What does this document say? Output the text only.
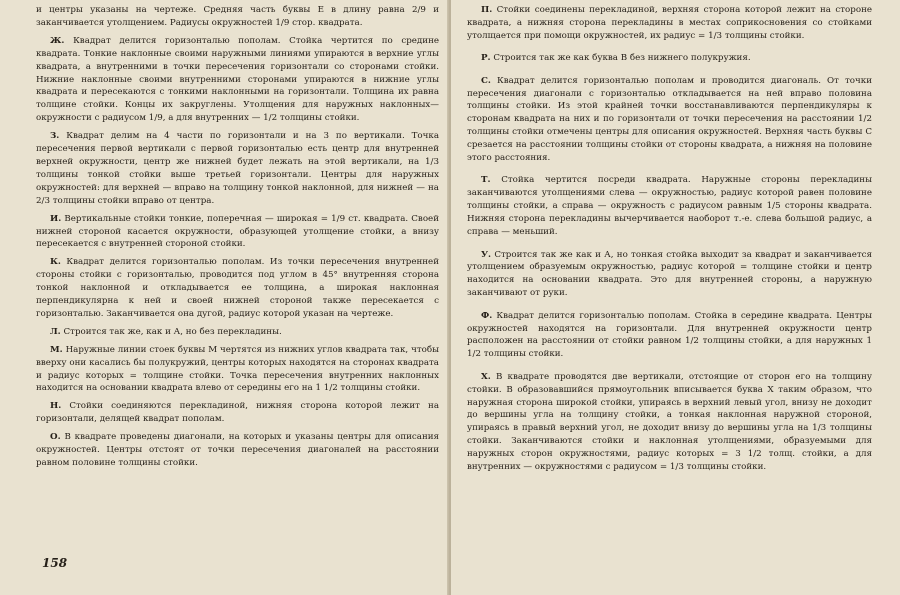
и центры указаны на чертеже. Средняя часть буквы E в длину равна 2/9 и заканчивается утолщением. Радиусы окружностей 1/9 стор. квадрата.

Ж. Квадрат делится горизонталью пополам. Стойка чертится по средине квадрата. Тонкие наклонные своими наружными линиями упираются в верхние углы квадрата, а внутренними в точки пересечения горизонтали со сторонами стойки. Нижние наклонные своими внутренними сторонами упираются в нижние углы квадрата и пересекаются с тонкими наклонными на горизонтали. Толщина их равна толщине стойки. Концы их закруглены. Утолщения для наружных наклонных—окружности с радиусом 1/9, а для внутренних — 1/2 толщины стойки.

З. Квадрат делим на 4 части по горизонтали и на 3 по вертикали. Точка пересечения первой вертикали с первой горизонталью есть центр для внутренней верхней окружности, центр же нижней будет лежать на этой вертикали, на 1/3 толщины тонкой стойки выше третьей горизонтали. Центры для наружных окружностей: для верхней — вправо на толщину тонкой наклонной, для нижней — на 2/3 толщины стойки вправо от центра.

И. Вертикальные стойки тонкие, поперечная — широкая = 1/9 ст. квадрата. Своей нижней стороной касается окружности, образующей утолщение стойки, а внизу пересекается с внутренней стороной стойки.

К. Квадрат делится горизонталью пополам. Из точки пересечения внутренней стороны стойки с горизонталью, проводится под углом в 45° внутренняя сторона тонкой наклонной и откладывается ее толщина, а широкая наклонная перпендикулярна к ней и своей нижней стороной также пересекается с горизонталью. Заканчивается она дугой, радиус которой указан на чертеже.

Л. Строится так же, как и А, но без перекладины.

М. Наружные линии стоек буквы М чертятся из нижних углов квадрата так, чтобы вверху они касались бы полукружий, центры которых находятся на сторонах квадрата и радиус которых = толщине стойки. Точка пересечения внутренних наклонных находится на основании квадрата влево от середины его на 1 1/2 толщины стойки.

Н. Стойки соединяются перекладиной, нижняя сторона которой лежит на горизонтали, делящей квадрат пополам.

О. В квадрате проведены диагонали, на которых и указаны центры для описания окружностей. Центры отстоят от точки пересечения диагоналей на расстоянии равном половине толщины стойки.

158

П. Стойки соединены перекладиной, верхняя сторона которой лежит на стороне квадрата, а нижняя сторона перекладины в местах соприкосновения со стойками утолщается при помощи окружностей, их радиус = 1/3 толщины стойки.

Р. Строится так же как буква В без нижнего полукружия.

С. Квадрат делится горизонталью пополам и проводится диагональ. От точки пересечения диагонали с горизонталью откладывается на ней вправо половина толщины стойки. Из этой крайней точки восстанавливаются перпендикуляры к сторонам квадрата на них и по горизонтали от точки пересечения на расстоянии 1/2 толщины стойки отмечены центры для описания окружностей. Верхняя часть буквы С срезается на расстоянии толщины стойки от стороны квадрата, а нижняя на половине этого расстояния.

Т. Стойка чертится посреди квадрата. Наружные стороны перекладины заканчиваются утолщениями слева — окружностью, радиус которой равен половине толщины стойки, а справа — окружность с радиусом равным 1/5 стороны квадрата. Нижняя сторона перекладины вычерчивается наоборот т.-е. слева большой радиус, а справа — меньший.

У. Строится так же как и А, но тонкая стойка выходит за квадрат и заканчивается утолщением образуемым окружностью, радиус которой = толщине стойки и центр находится на основании квадрата. Это для внутренней стороны, а наружную заканчивают от руки.

Ф. Квадрат делится горизонталью пополам. Стойка в середине квадрата. Центры окружностей находятся на горизонтали. Для внутренней окружности центр расположен на расстоянии от стойки равном 1/2 толщины стойки, а для наружных 1 1/2 толщины стойки.

Х. В квадрате проводятся две вертикали, отстоящие от сторон его на толщину стойки. В образовавшийся прямоугольник вписывается буква Х таким образом, что наружная сторона широкой стойки, упираясь в верхний левый угол, внизу не доходит до вершины угла на толщину стойки, а тонкая наклонная наружной стороной, упираясь в правый верхний угол, не доходит внизу до вершины угла на 1/3 толщины стойки. Заканчиваются стойки и наклонная утолщениями, образуемыми для наружных сторон окружностями, радиус которых = 3 1/2 толщ. стойки, а для внутренних — окружностями с радиусом = 1/3 толщины стойки.
